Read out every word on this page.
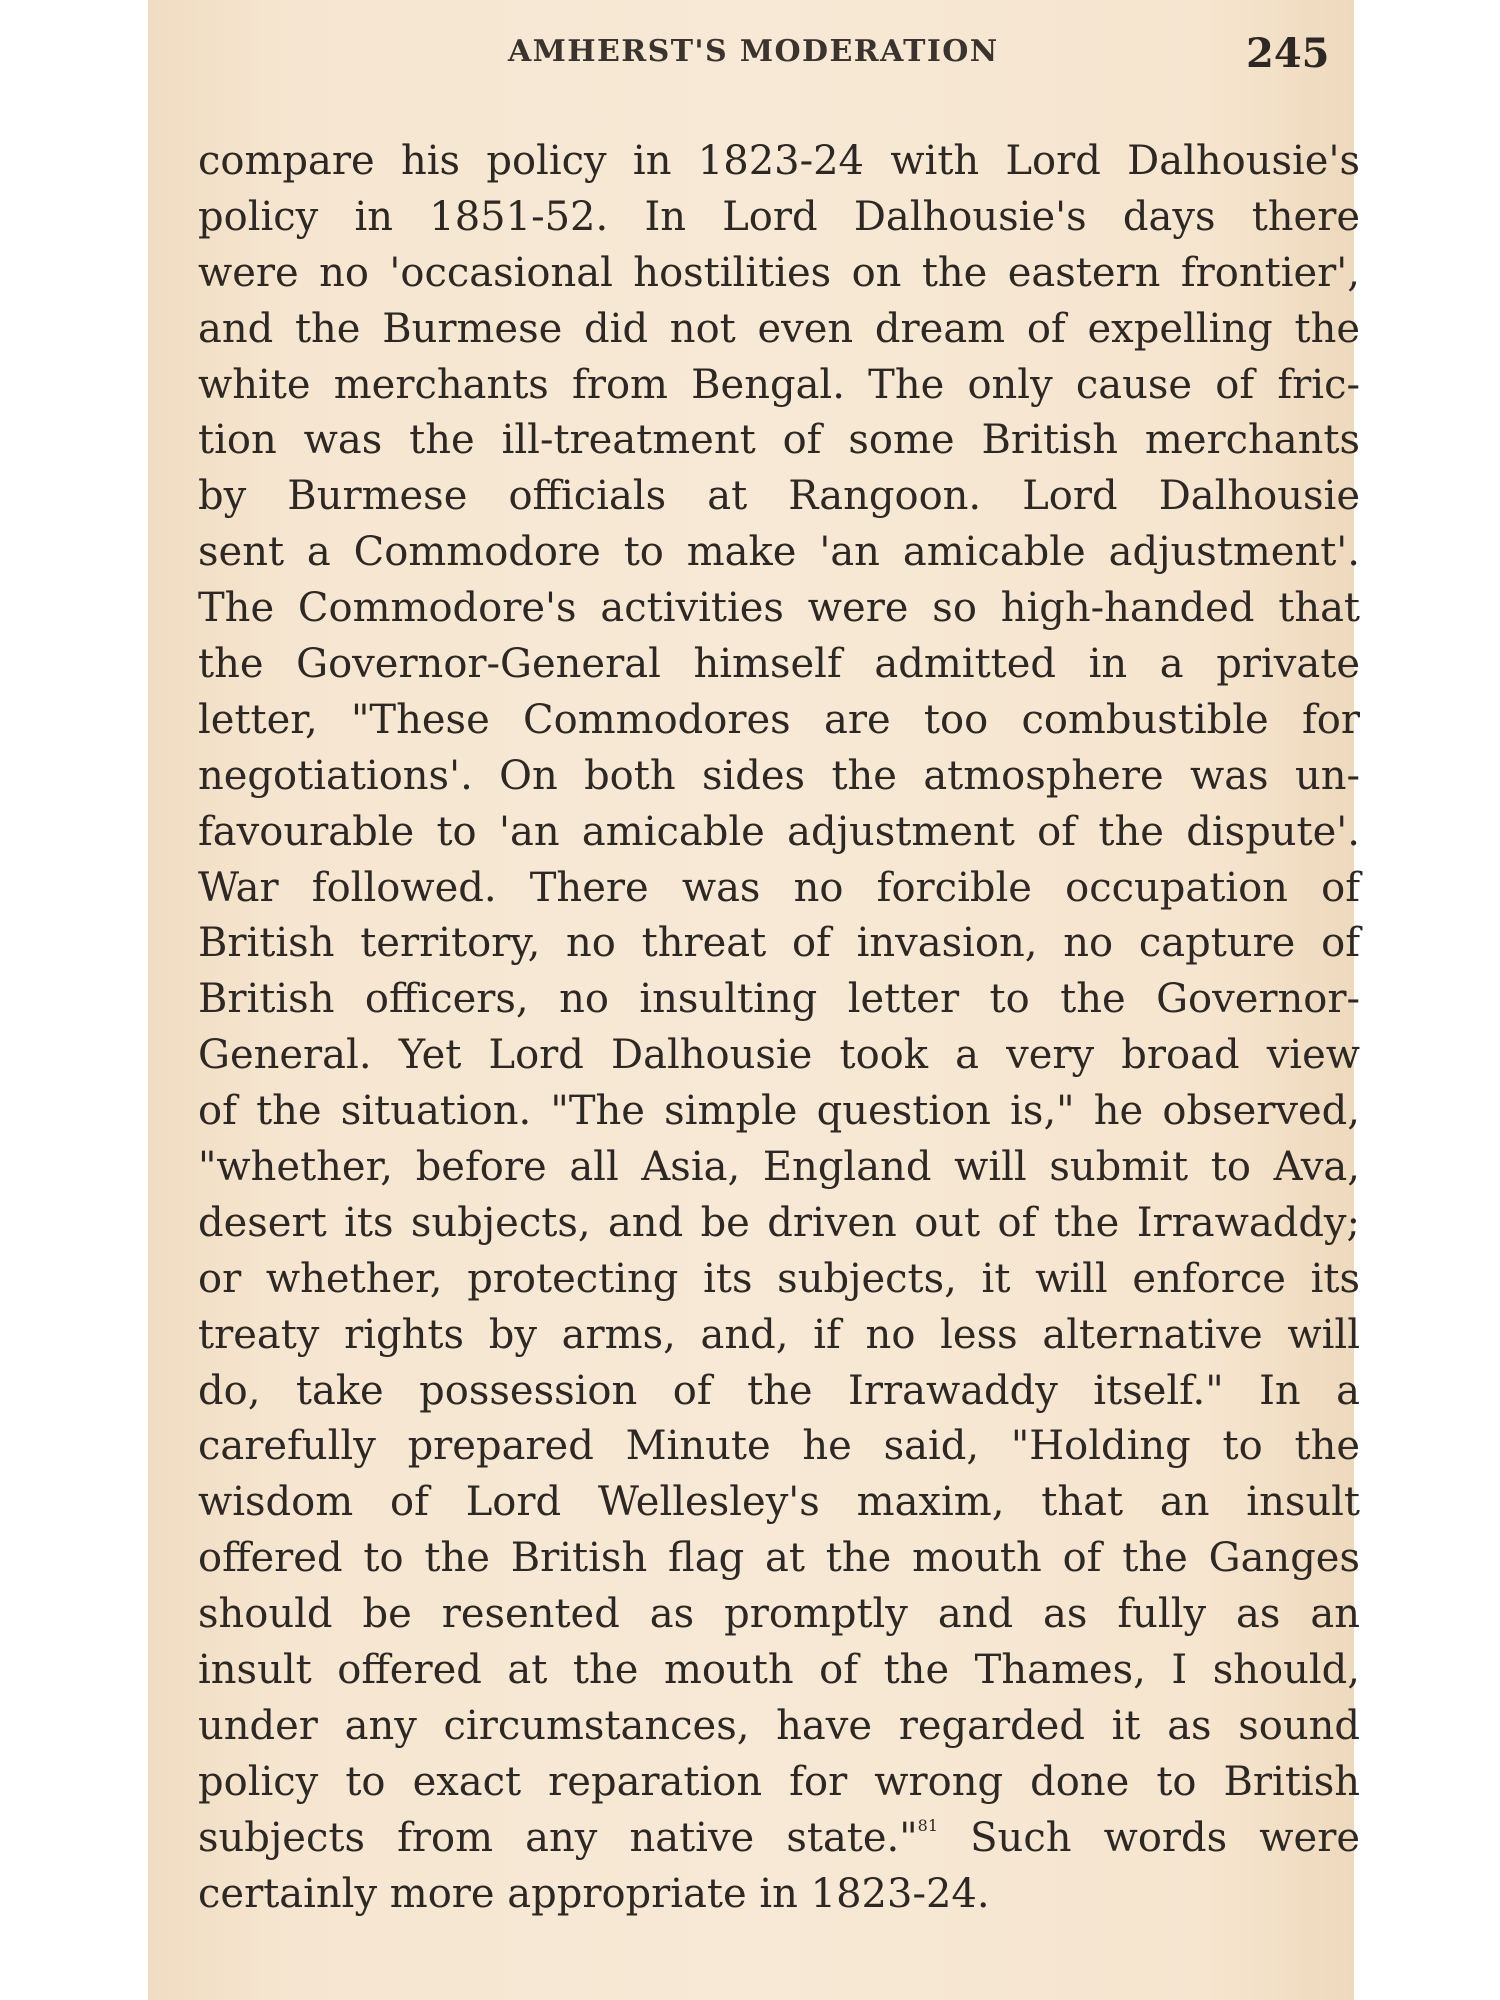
AMHERST'S MODERATION	245
compare his policy in 1823-24 with Lord Dalhousie's
policy in 1851-52. In Lord Dalhousie's days there
were no 'occasional hostilities on the eastern frontier',
and the Burmese did not even dream of expelling the
white merchants from Bengal. The only cause of fric-
tion was the ill-treatment of some British merchants
by Burmese officials at Rangoon. Lord Dalhousie
sent a Commodore to make 'an amicable adjustment'.
The Commodore's activities were so high-handed that
the Governor-General himself admitted in a private
letter, "These Commodores are too combustible for
negotiations'. On both sides the atmosphere was un-
favourable to 'an amicable adjustment of the dispute'.
War followed. There was no forcible occupation of
British territory, no threat of invasion, no capture of
British officers, no insulting letter to the Governor-
General. Yet Lord Dalhousie took a very broad view
of the situation. "The simple question is," he observed,
"whether, before all Asia, England will submit to Ava,
desert its subjects, and be driven out of the Irrawaddy;
or whether, protecting its subjects, it will enforce its
treaty rights by arms, and, if no less alternative will
do, take possession of the Irrawaddy itself." In a
carefully prepared Minute he said, "Holding to the
wisdom of Lord Wellesley's maxim, that an insult
offered to the British flag at the mouth of the Ganges
should be resented as promptly and as fully as an
insult offered at the mouth of the Thames, I should,
under any circumstances, have regarded it as sound
policy to exact reparation for wrong done to British
subjects from any native state."$^{81}$ Such words were
certainly more appropriate in 1823-24.
